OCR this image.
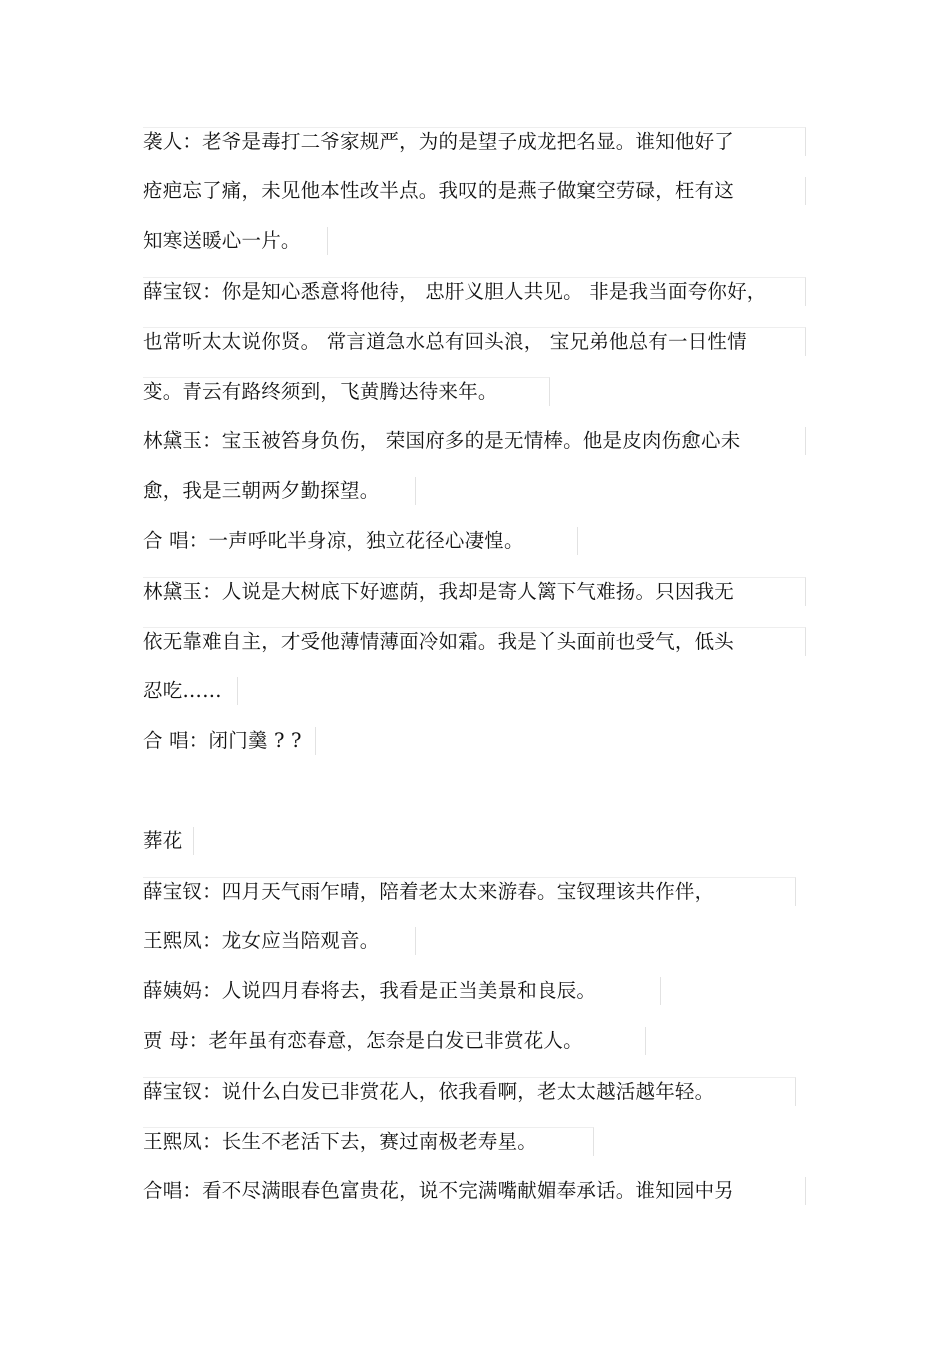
袭人：老爷是毒打二爷家规严，为的是望子成龙把名显。谁知他好了
疮疤忘了痛，未见他本性改半点。我叹的是燕子做窠空劳碌，枉有这
知寒送暖心一片。
薛宝钗：你是知心悉意将他待， 忠肝义胆人共见。 非是我当面夸你好，
也常听太太说你贤。 常言道急水总有回头浪， 宝兄弟他总有一日性情
变。青云有路终须到，飞黄腾达待来年。
林黛玉：宝玉被笞身负伤， 荣国府多的是无情棒。他是皮肉伤愈心未
愈，我是三朝两夕勤探望。
合 唱：一声呼叱半身凉，独立花径心凄惶。
林黛玉：人说是大树底下好遮荫，我却是寄人篱下气难扬。只因我无
依无靠难自主，才受他薄情薄面冷如霜。我是丫头面前也受气，低头
忍吃……
合 唱：闭门羹 ? ?
葬花
薛宝钗：四月天气雨乍晴，陪着老太太来游春。宝钗理该共作伴，
王熙凤：龙女应当陪观音。
薛姨妈：人说四月春将去，我看是正当美景和良辰。
贾 母：老年虽有恋春意，怎奈是白发已非赏花人。
薛宝钗：说什么白发已非赏花人，依我看啊，老太太越活越年轻。
王熙凤：长生不老活下去，赛过南极老寿星。
合唱：看不尽满眼春色富贵花，说不完满嘴献媚奉承话。谁知园中另
